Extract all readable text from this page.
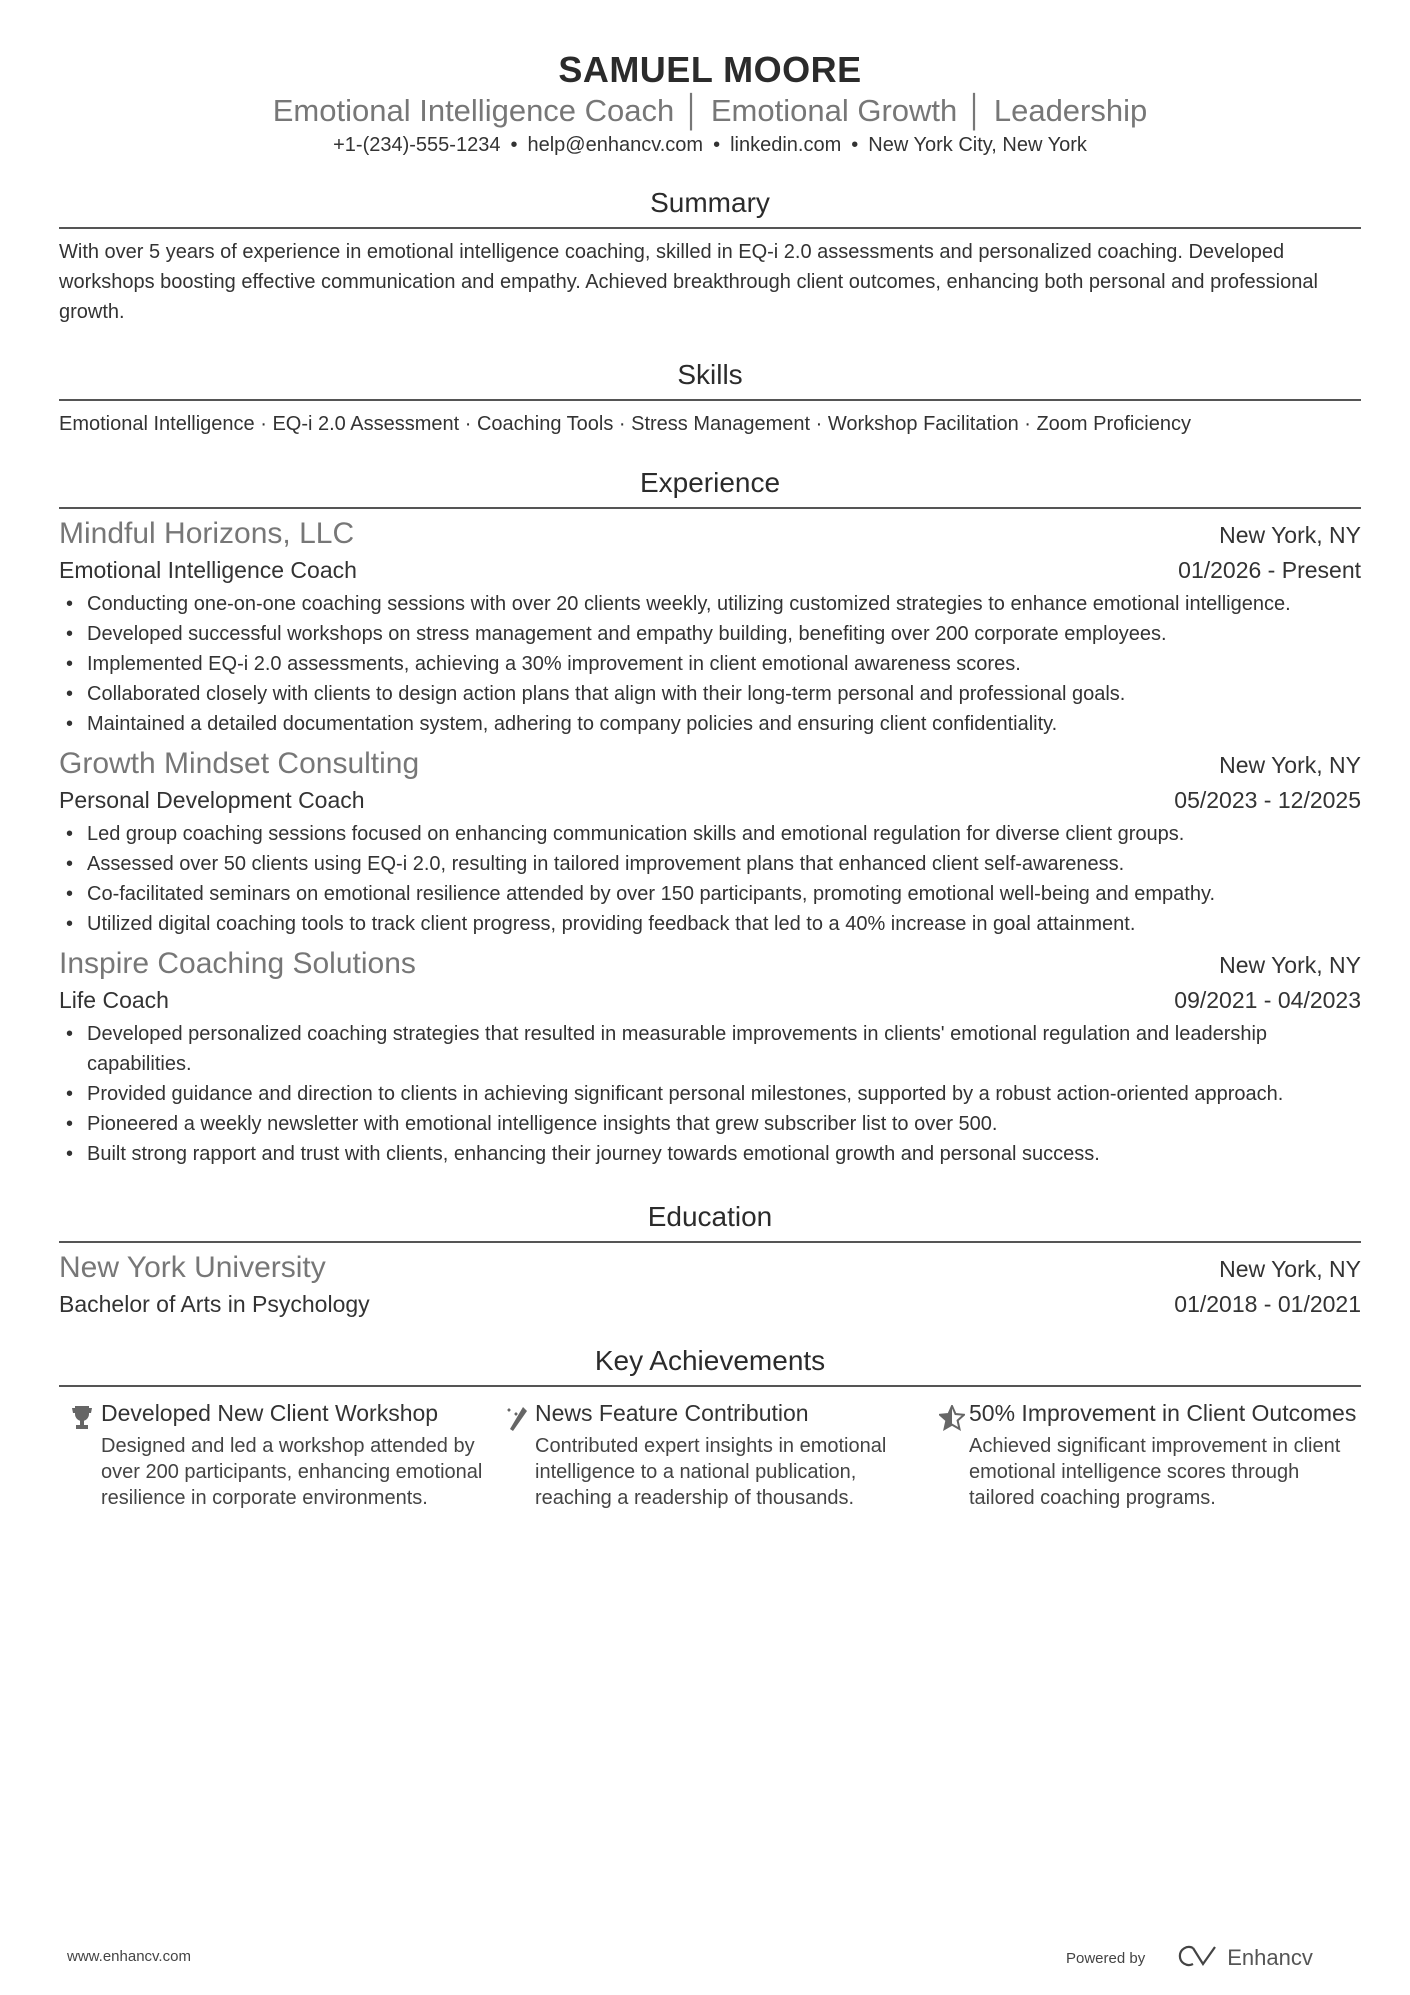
SAMUEL MOORE
Emotional Intelligence Coach │ Emotional Growth │ Leadership
+1-(234)-555-1234 • help@enhancv.com • linkedin.com • New York City, New York
Summary
With over 5 years of experience in emotional intelligence coaching, skilled in EQ-i 2.0 assessments and personalized coaching. Developed workshops boosting effective communication and empathy. Achieved breakthrough client outcomes, enhancing both personal and professional growth.
Skills
Emotional Intelligence · EQ-i 2.0 Assessment · Coaching Tools · Stress Management · Workshop Facilitation · Zoom Proficiency
Experience
Mindful Horizons, LLC	New York, NY
Emotional Intelligence Coach	01/2026 - Present
• Conducting one-on-one coaching sessions with over 20 clients weekly, utilizing customized strategies to enhance emotional intelligence.
• Developed successful workshops on stress management and empathy building, benefiting over 200 corporate employees.
• Implemented EQ-i 2.0 assessments, achieving a 30% improvement in client emotional awareness scores.
• Collaborated closely with clients to design action plans that align with their long-term personal and professional goals.
• Maintained a detailed documentation system, adhering to company policies and ensuring client confidentiality.
Growth Mindset Consulting	New York, NY
Personal Development Coach	05/2023 - 12/2025
• Led group coaching sessions focused on enhancing communication skills and emotional regulation for diverse client groups.
• Assessed over 50 clients using EQ-i 2.0, resulting in tailored improvement plans that enhanced client self-awareness.
• Co-facilitated seminars on emotional resilience attended by over 150 participants, promoting emotional well-being and empathy.
• Utilized digital coaching tools to track client progress, providing feedback that led to a 40% increase in goal attainment.
Inspire Coaching Solutions	New York, NY
Life Coach	09/2021 - 04/2023
• Developed personalized coaching strategies that resulted in measurable improvements in clients' emotional regulation and leadership capabilities.
• Provided guidance and direction to clients in achieving significant personal milestones, supported by a robust action-oriented approach.
• Pioneered a weekly newsletter with emotional intelligence insights that grew subscriber list to over 500.
• Built strong rapport and trust with clients, enhancing their journey towards emotional growth and personal success.
Education
New York University	New York, NY
Bachelor of Arts in Psychology	01/2018 - 01/2021
Key Achievements
Developed New Client Workshop
Designed and led a workshop attended by over 200 participants, enhancing emotional resilience in corporate environments.
News Feature Contribution
Contributed expert insights in emotional intelligence to a national publication, reaching a readership of thousands.
50% Improvement in Client Outcomes
Achieved significant improvement in client emotional intelligence scores through tailored coaching programs.
www.enhancv.com	Powered by	Enhancv
